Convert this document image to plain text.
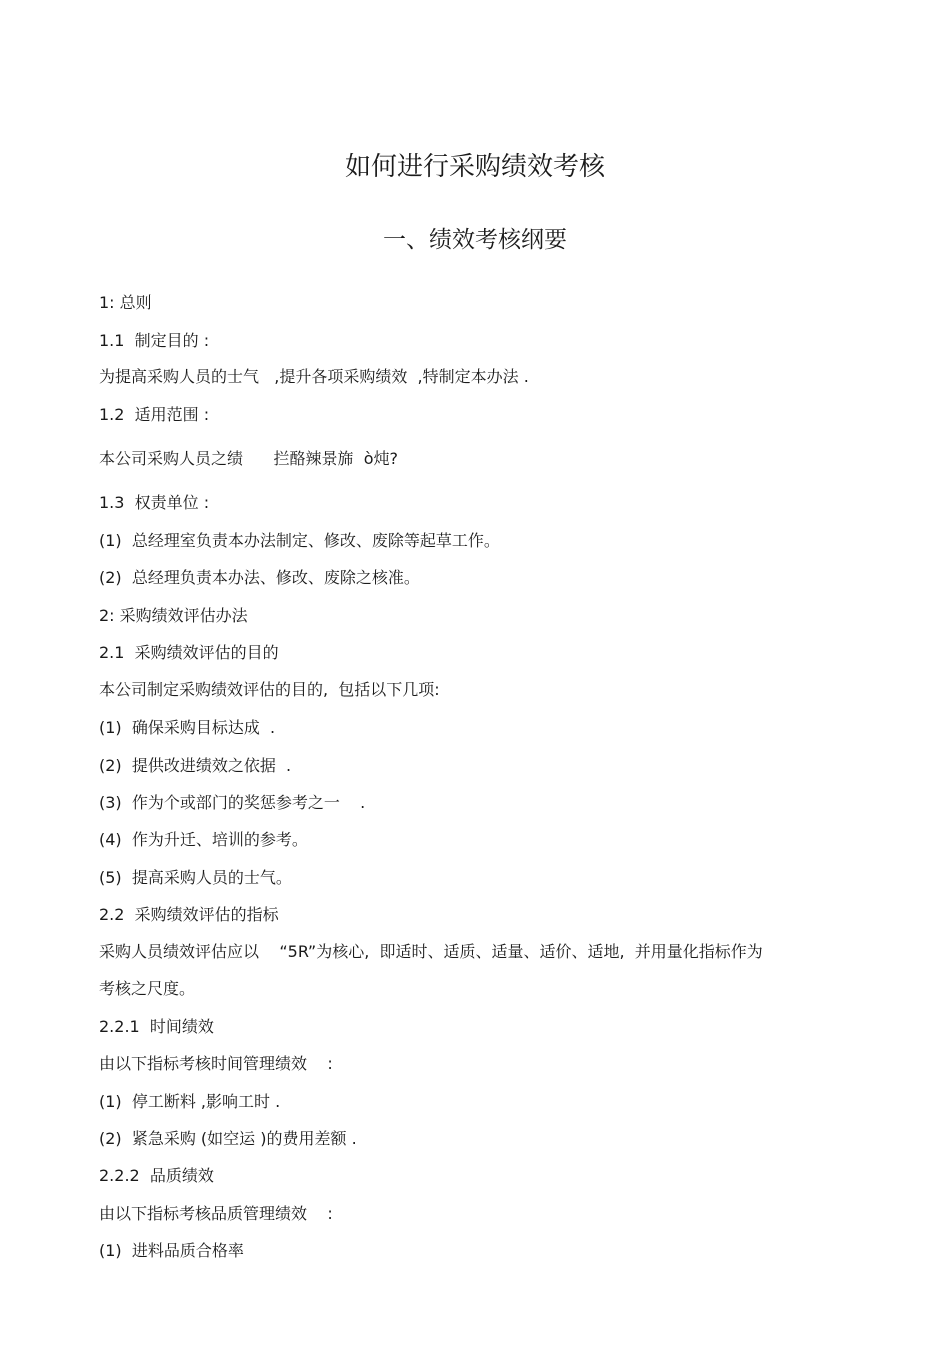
如何进行采购绩效考核
一、绩效考核纲要

1: 总则

1.1  制定目的 :

为提高采购人员的士气   ,提升各项采购绩效  ,特制定本办法 .

1.2  适用范围 :

本公司采购人员之绩      拦酪辣景旆  ò炖?

1.3  权责单位 :

(1)  总经理室负责本办法制定、修改、废除等起草工作。

(2)  总经理负责本办法、修改、废除之核准。

2: 采购绩效评估办法

2.1  采购绩效评估的目的

本公司制定采购绩效评估的目的,  包括以下几项:

(1)  确保采购目标达成  .

(2)  提供改进绩效之依据  .

(3)  作为个或部门的奖惩参考之一    .

(4)  作为升迁、培训的参考。

(5)  提高采购人员的士气。

2.2  采购绩效评估的指标

采购人员绩效评估应以    “5R”为核心,  即适时、适质、适量、适价、适地,  并用量化指标作为

考核之尺度。

2.2.1  时间绩效

由以下指标考核时间管理绩效    :

(1)  停工断料 ,影响工时 .

(2)  紧急采购 (如空运 )的费用差额 .

2.2.2  品质绩效

由以下指标考核品质管理绩效    :

(1)  进料品质合格率
